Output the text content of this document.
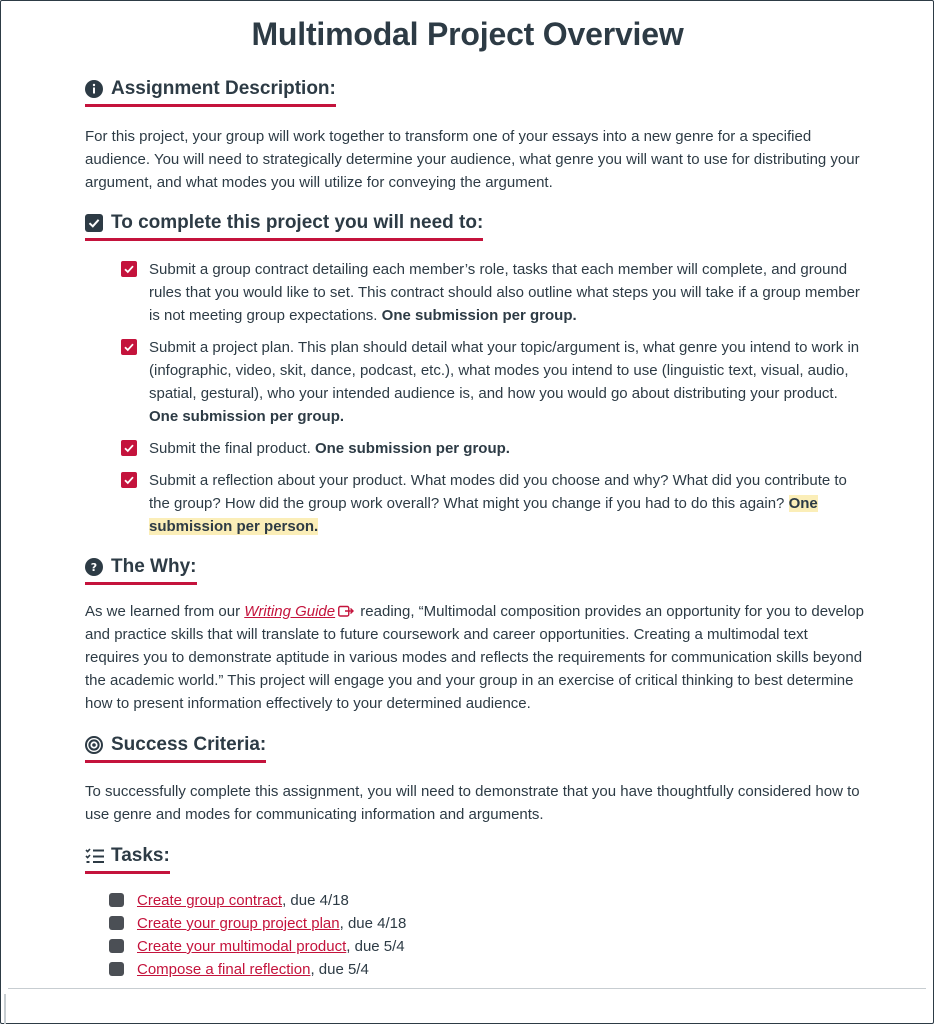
Multimodal Project Overview
Assignment Description:

For this project, your group will work together to transform one of your essays into a new genre for a specified audience. You will need to strategically determine your audience, what genre you will want to use for distributing your argument, and what modes you will utilize for conveying the argument.

To complete this project you will need to:
Submit a group contract detailing each member’s role, tasks that each member will complete, and ground rules that you would like to set. This contract should also outline what steps you will take if a group member is not meeting group expectations. One submission per group.
Submit a project plan. This plan should detail what your topic/argument is, what genre you intend to work in (infographic, video, skit, dance, podcast, etc.), what modes you intend to use (linguistic text, visual, audio, spatial, gestural), who your intended audience is, and how you would go about distributing your product. One submission per group.
Submit the final product. One submission per group.
Submit a reflection about your product. What modes did you choose and why? What did you contribute to the group? How did the group work overall? What might you change if you had to do this again? One submission per person.
? The Why:

As we learned from our Writing Guide reading, “Multimodal composition provides an opportunity for you to develop and practice skills that will translate to future coursework and career opportunities. Creating a multimodal text requires you to demonstrate aptitude in various modes and reflects the requirements for communication skills beyond the academic world.” This project will engage you and your group in an exercise of critical thinking to best determine how to present information effectively to your determined audience.

Success Criteria:

To successfully complete this assignment, you will need to demonstrate that you have thoughtfully considered how to use genre and modes for communicating information and arguments.

Tasks:
Create group contract, due 4/18
Create your group project plan, due 4/18
Create your multimodal product, due 5/4
Compose a final reflection, due 5/4
